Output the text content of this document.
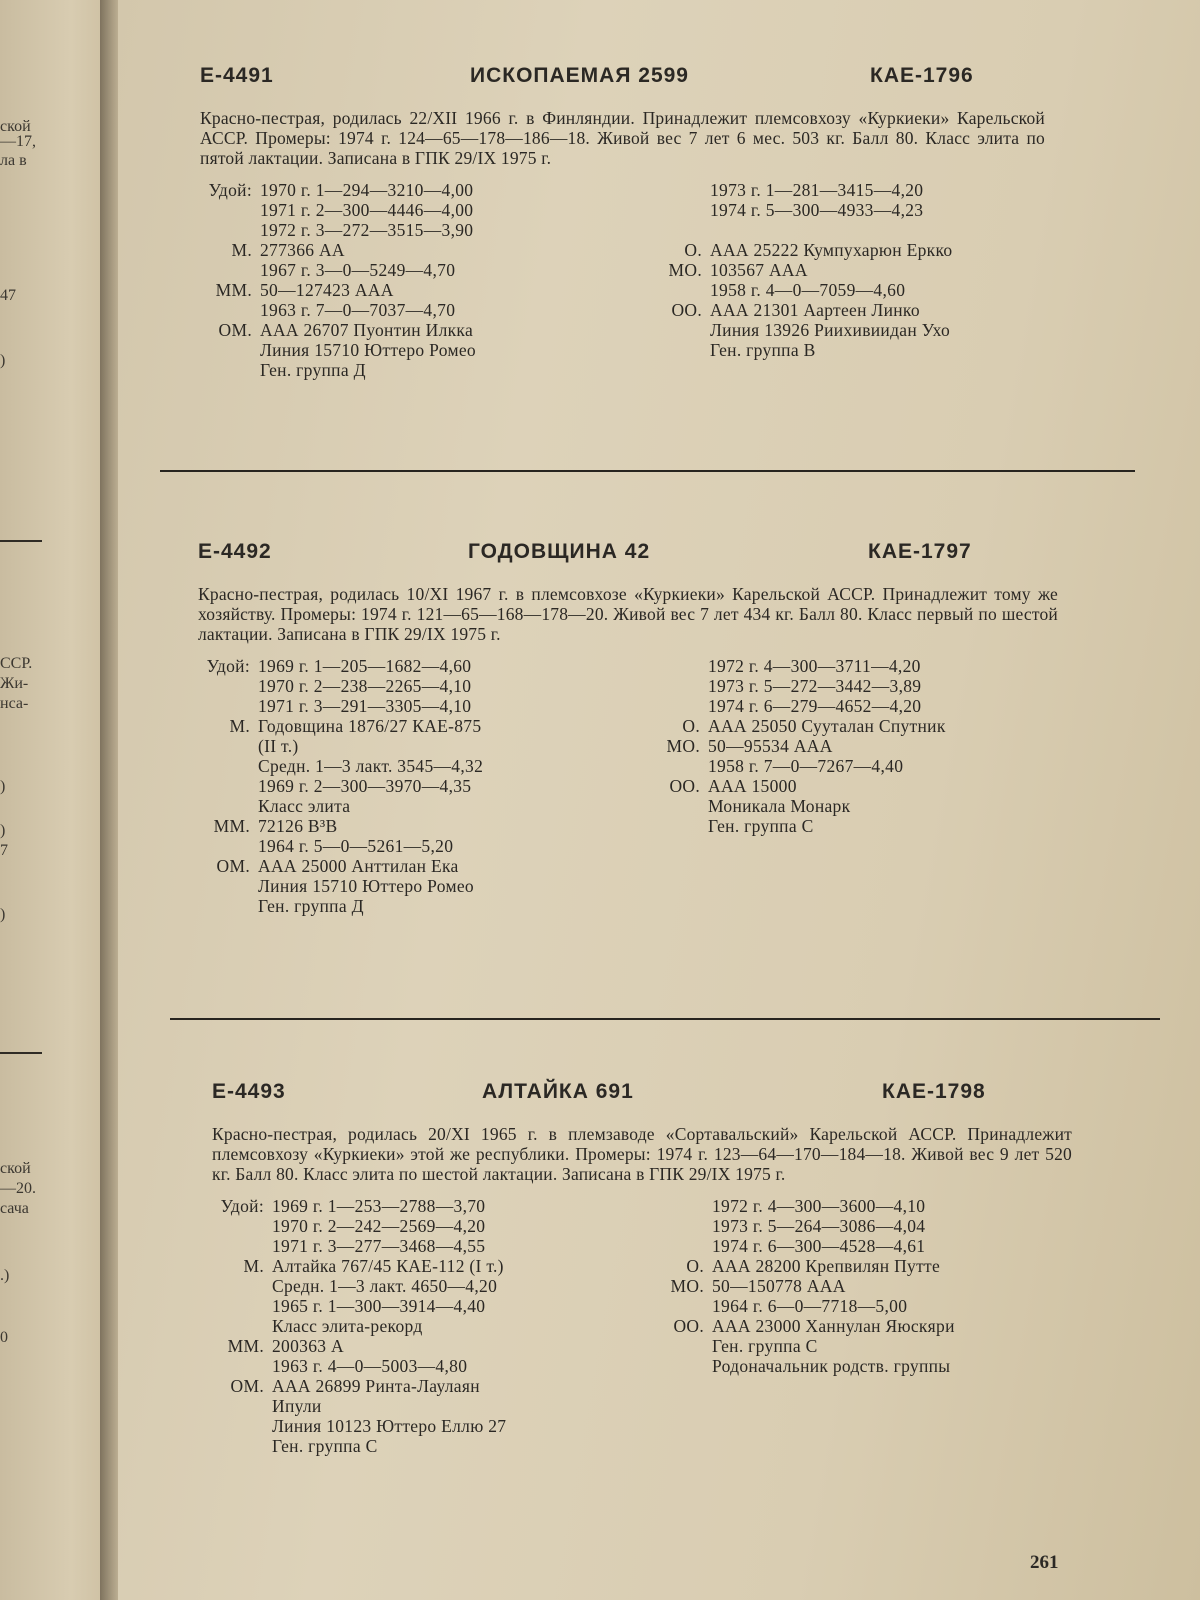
ской
—17,
ла в
47
)
ССР.
Жи-
нса-
)
)
7
)
ской
—20.
сача
.)
0
Е-4491	ИСКОПАЕМАЯ 2599	КАЕ-1796
Красно-пестрая, родилась 22/XII 1966 г. в Финляндии. Принадлежит племсовхозу «Куркиеки» Карельской АССР. Промеры: 1974 г. 124—65—178—186—18. Живой вес 7 лет 6 мес. 503 кг. Балл 80. Класс элита по пятой лактации. Записана в ГПК 29/IX 1975 г.
Удой: 1970 г. 1—294—3210—4,00
1971 г. 2—300—4446—4,00
1972 г. 3—272—3515—3,90
М. 277366 АА
1967 г. 3—0—5249—4,70
ММ. 50—127423 ААА
1963 г. 7—0—7037—4,70
ОМ. ААА 26707 Пуонтин Илкка
Линия 15710 Юттеро Ромео
Ген. группа Д
1973 г. 1—281—3415—4,20
1974 г. 5—300—4933—4,23
О. ААА 25222 Кумпухарюн Еркко
МО. 103567 ААА
1958 г. 4—0—7059—4,60
ОО. ААА 21301 Аартеен Линко
Линия 13926 Риихивиидан Ухо
Ген. группа В
Е-4492	ГОДОВЩИНА 42	КАЕ-1797
Красно-пестрая, родилась 10/XI 1967 г. в племсовхозе «Куркиеки» Карельской АССР. Принадлежит тому же хозяйству. Промеры: 1974 г. 121—65—168—178—20. Живой вес 7 лет 434 кг. Балл 80. Класс первый по шестой лактации. Записана в ГПК 29/IX 1975 г.
Удой: 1969 г. 1—205—1682—4,60
1970 г. 2—238—2265—4,10
1971 г. 3—291—3305—4,10
М. Годовщина 1876/27 КАЕ-875
(II т.)
Средн. 1—3 лакт. 3545—4,32
1969 г. 2—300—3970—4,35
Класс элита
ММ. 72126 В³В
1964 г. 5—0—5261—5,20
ОМ. ААА 25000 Анттилан Ека
Линия 15710 Юттеро Ромео
Ген. группа Д
1972 г. 4—300—3711—4,20
1973 г. 5—272—3442—3,89
1974 г. 6—279—4652—4,20
О. ААА 25050 Сууталан Спутник
МО. 50—95534 ААА
1958 г. 7—0—7267—4,40
ОО. ААА 15000
Моникала Монарк
Ген. группа С
Е-4493	АЛТАЙКА 691	КАЕ-1798
Красно-пестрая, родилась 20/XI 1965 г. в племзаводе «Сортавальский» Карельской АССР. Принадлежит племсовхозу «Куркиеки» этой же республики. Промеры: 1974 г. 123—64—170—184—18. Живой вес 9 лет 520 кг. Балл 80. Класс элита по шестой лактации. Записана в ГПК 29/IX 1975 г.
Удой: 1969 г. 1—253—2788—3,70
1970 г. 2—242—2569—4,20
1971 г. 3—277—3468—4,55
М. Алтайка 767/45 КАЕ-112 (I т.)
Средн. 1—3 лакт. 4650—4,20
1965 г. 1—300—3914—4,40
Класс элита-рекорд
ММ. 200363 А
1963 г. 4—0—5003—4,80
ОМ. ААА 26899 Ринта-Лаулаян
Ипули
Линия 10123 Юттеро Еллю 27
Ген. группа С
1972 г. 4—300—3600—4,10
1973 г. 5—264—3086—4,04
1974 г. 6—300—4528—4,61
О. ААА 28200 Крепвилян Путте
МО. 50—150778 ААА
1964 г. 6—0—7718—5,00
ОО. ААА 23000 Ханнулан Яюскяри
Ген. группа С
Родоначальник родств. группы
261
